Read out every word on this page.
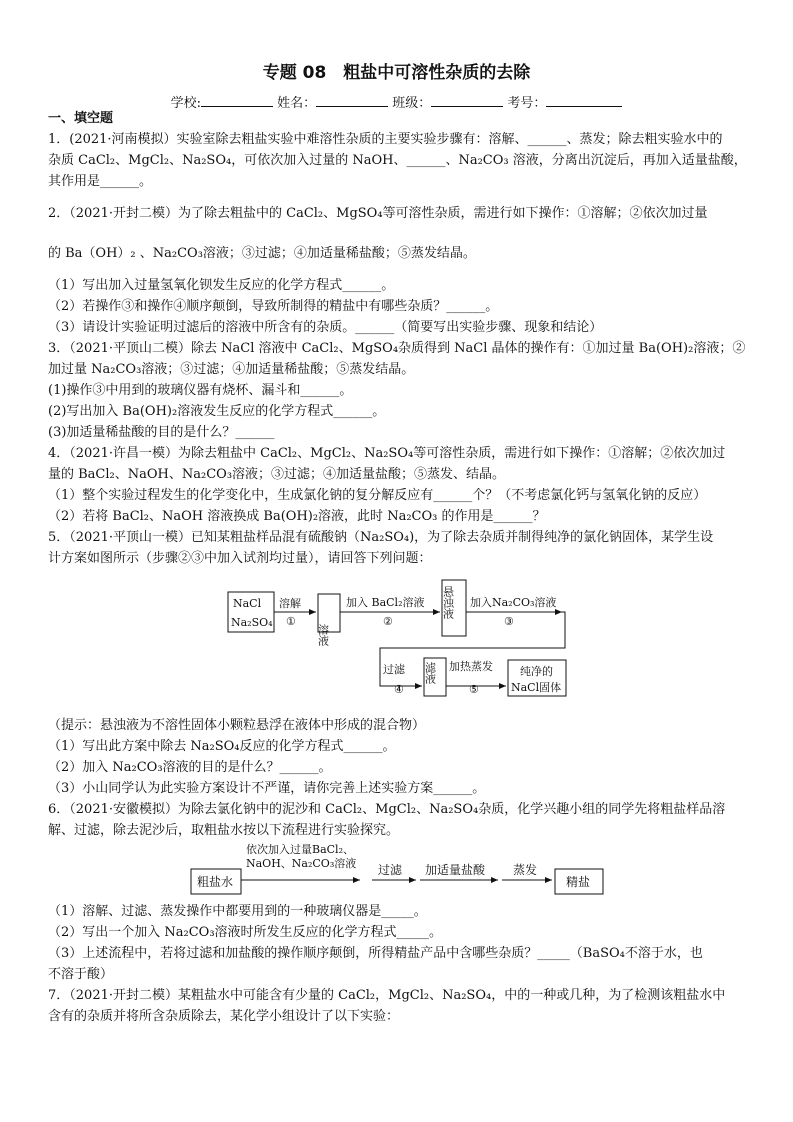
专题 08　粗盐中可溶性杂质的去除
学校:	姓名：	班级：	考号：
一、填空题
1．(2021·河南模拟）实验室除去粗盐实验中难溶性杂质的主要实验步骤有：溶解、______、蒸发；除去粗实验水中的
杂质 CaCl₂、MgCl₂、Na₂SO₄，可依次加入过量的 NaOH、______、Na₂CO₃ 溶液，分离出沉淀后，再加入适量盐酸，
其作用是______。
2．（2021·开封二模）为了除去粗盐中的 CaCl₂、MgSO₄等可溶性杂质，需进行如下操作：①溶解；②依次加过量
的 Ba（OH）₂ 、Na₂CO₃溶液；③过滤；④加适量稀盐酸；⑤蒸发结晶。
（1）写出加入过量氢氧化钡发生反应的化学方程式______。
（2）若操作③和操作④顺序颠倒，导致所制得的精盐中有哪些杂质？______。
（3）请设计实验证明过滤后的溶液中所含有的杂质。______（简要写出实验步骤、现象和结论）
3．（2021·平顶山二模）除去 NaCl 溶液中 CaCl₂、MgSO₄杂质得到 NaCl 晶体的操作有：①加过量 Ba(OH)₂溶液；②
加过量 Na₂CO₃溶液；③过滤；④加适量稀盐酸；⑤蒸发结晶。
(1)操作③中用到的玻璃仪器有烧杯、漏斗和______。
(2)写出加入 Ba(OH)₂溶液发生反应的化学方程式______。
(3)加适量稀盐酸的目的是什么？______
4．（2021·许昌一模）为除去粗盐中 CaCl₂、MgCl₂、Na₂SO₄等可溶性杂质，需进行如下操作：①溶解；②依次加过
量的 BaCl₂、NaOH、Na₂CO₃溶液；③过滤；④加适量盐酸；⑤蒸发、结晶。
（1）整个实验过程发生的化学变化中，生成氯化钠的复分解反应有______个？（不考虑氯化钙与氢氧化钠的反应）
（2）若将 BaCl₂、NaOH 溶液换成 Ba(OH)₂溶液，此时 Na₂CO₃ 的作用是______？
5．（2021·平顶山一模）已知某粗盐样品混有硫酸钠（Na₂SO₄)，为了除去杂质并制得纯净的氯化钠固体，某学生设
计方案如图所示（步骤②③中加入试剂均过量），请回答下列问题：
NaCl
Na₂SO₄
溶解
①
溶液
加入 BaCl₂溶液
②
悬浊液 加入Na₂CO₃溶液
③
过滤
④
滤液 加热蒸发
⑤
纯净的
NaCl固体
粗盐水
依次加入过量BaCl₂、
NaOH、Na₂CO₃溶液 过滤 加适量盐酸 蒸发
精盐
（提示：悬浊液为不溶性固体小颗粒悬浮在液体中形成的混合物）
（1）写出此方案中除去 Na₂SO₄反应的化学方程式______。
（2）加入 Na₂CO₃溶液的目的是什么？______。
（3）小山同学认为此实验方案设计不严谨，请你完善上述实验方案______。
6．（2021·安徽模拟）为除去氯化钠中的泥沙和 CaCl₂、MgCl₂、Na₂SO₄杂质，化学兴趣小组的同学先将粗盐样品溶
解、过滤，除去泥沙后，取粗盐水按以下流程进行实验探究。
（1）溶解、过滤、蒸发操作中都要用到的一种玻璃仪器是_____。
（2）写出一个加入 Na₂CO₃溶液时所发生反应的化学方程式_____。
（3）上述流程中，若将过滤和加盐酸的操作顺序颠倒，所得精盐产品中含哪些杂质？_____（BaSO₄不溶于水，也
不溶于酸）
7．（2021·开封二模）某粗盐水中可能含有少量的 CaCl₂，MgCl₂、Na₂SO₄，中的一种或几种，为了检测该粗盐水中
含有的杂质并将所含杂质除去，某化学小组设计了以下实验：
